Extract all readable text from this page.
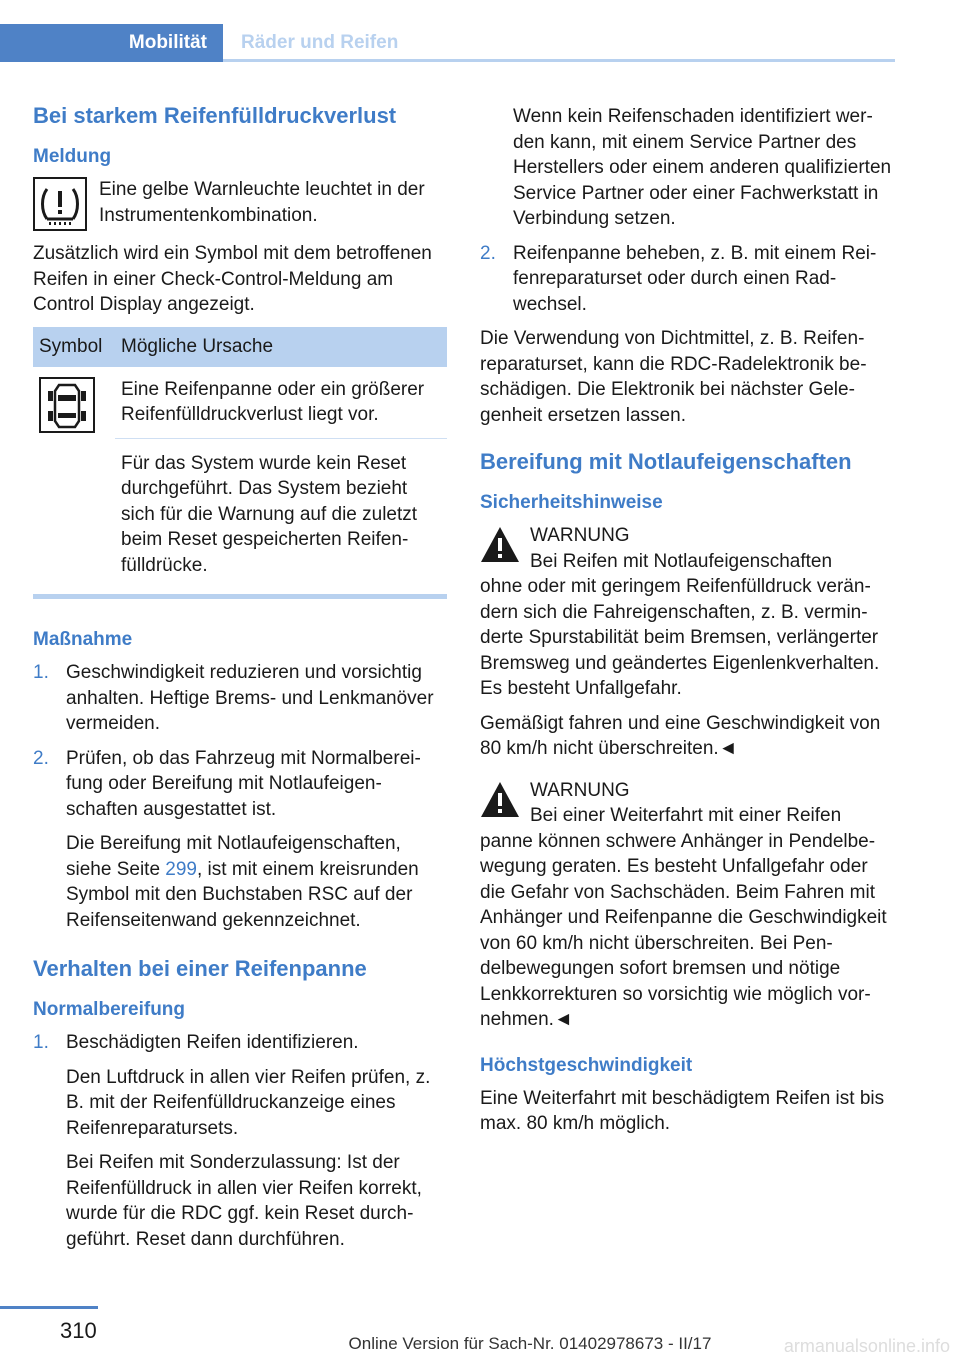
Mobilität Räder und Reifen
Bei starkem Reifenfülldruckverlust
Meldung
Eine gelbe Warnleuchte leuchtet in der Instrumentenkombination.
Zusätzlich wird ein Symbol mit dem betroffenen Reifen in einer Check-Control-Meldung am Control Display angezeigt.
Symbol	Mögliche Ursache
	Eine Reifenpanne oder ein größerer Reifenfülldruckverlust liegt vor.
	Für das System wurde kein Reset durchgeführt. Das System bezieht sich für die Warnung auf die zuletzt beim Reset gespeicherten Reifenfülldrücke.
Maßnahme
1. Geschwindigkeit reduzieren und vorsichtig anhalten. Heftige Brems- und Lenkmanöver vermeiden.
2. Prüfen, ob das Fahrzeug mit Normalbereifung oder Bereifung mit Notlaufeigenschaften ausgestattet ist.
Die Bereifung mit Notlaufeigenschaften, siehe Seite 299, ist mit einem kreisrunden Symbol mit den Buchstaben RSC auf der Reifenseitenwand gekennzeichnet.
Verhalten bei einer Reifenpanne
Normalbereifung
1. Beschädigten Reifen identifizieren.
Den Luftdruck in allen vier Reifen prüfen, z. B. mit der Reifenfülldruckanzeige eines Reifenreparatursets.
Bei Reifen mit Sonderzulassung: Ist der Reifenfülldruck in allen vier Reifen korrekt, wurde für die RDC ggf. kein Reset durchgeführt. Reset dann durchführen.
Wenn kein Reifenschaden identifiziert werden kann, mit einem Service Partner des Herstellers oder einem anderen qualifizierten Service Partner oder einer Fachwerkstatt in Verbindung setzen.
2. Reifenpanne beheben, z. B. mit einem Reifenreparaturset oder durch einen Radwechsel.
Die Verwendung von Dichtmittel, z. B. Reifenreparaturset, kann die RDC-Radelektronik beschädigen. Die Elektronik bei nächster Gelegenheit ersetzen lassen.
Bereifung mit Notlaufeigenschaften
Sicherheitshinweise
WARNUNG
Bei Reifen mit Notlaufeigenschaften
ohne oder mit geringem Reifenfülldruck verändern sich die Fahreigenschaften, z. B. verminderte Spurstabilität beim Bremsen, verlängerter Bremsweg und geändertes Eigenlenkverhalten. Es besteht Unfallgefahr.
Gemäßigt fahren und eine Geschwindigkeit von 80 km/h nicht überschreiten.◄
WARNUNG
Bei einer Weiterfahrt mit einer Reifen
panne können schwere Anhänger in Pendelbewegung geraten. Es besteht Unfallgefahr oder die Gefahr von Sachschäden. Beim Fahren mit Anhänger und Reifenpanne die Geschwindigkeit von 60 km/h nicht überschreiten. Bei Pendelbewegungen sofort bremsen und nötige Lenkkorrekturen so vorsichtig wie möglich vornehmen.◄
Höchstgeschwindigkeit
Eine Weiterfahrt mit beschädigtem Reifen ist bis max. 80 km/h möglich.
310
Online Version für Sach-Nr. 01402978673 - II/17	armanualsonline.info
